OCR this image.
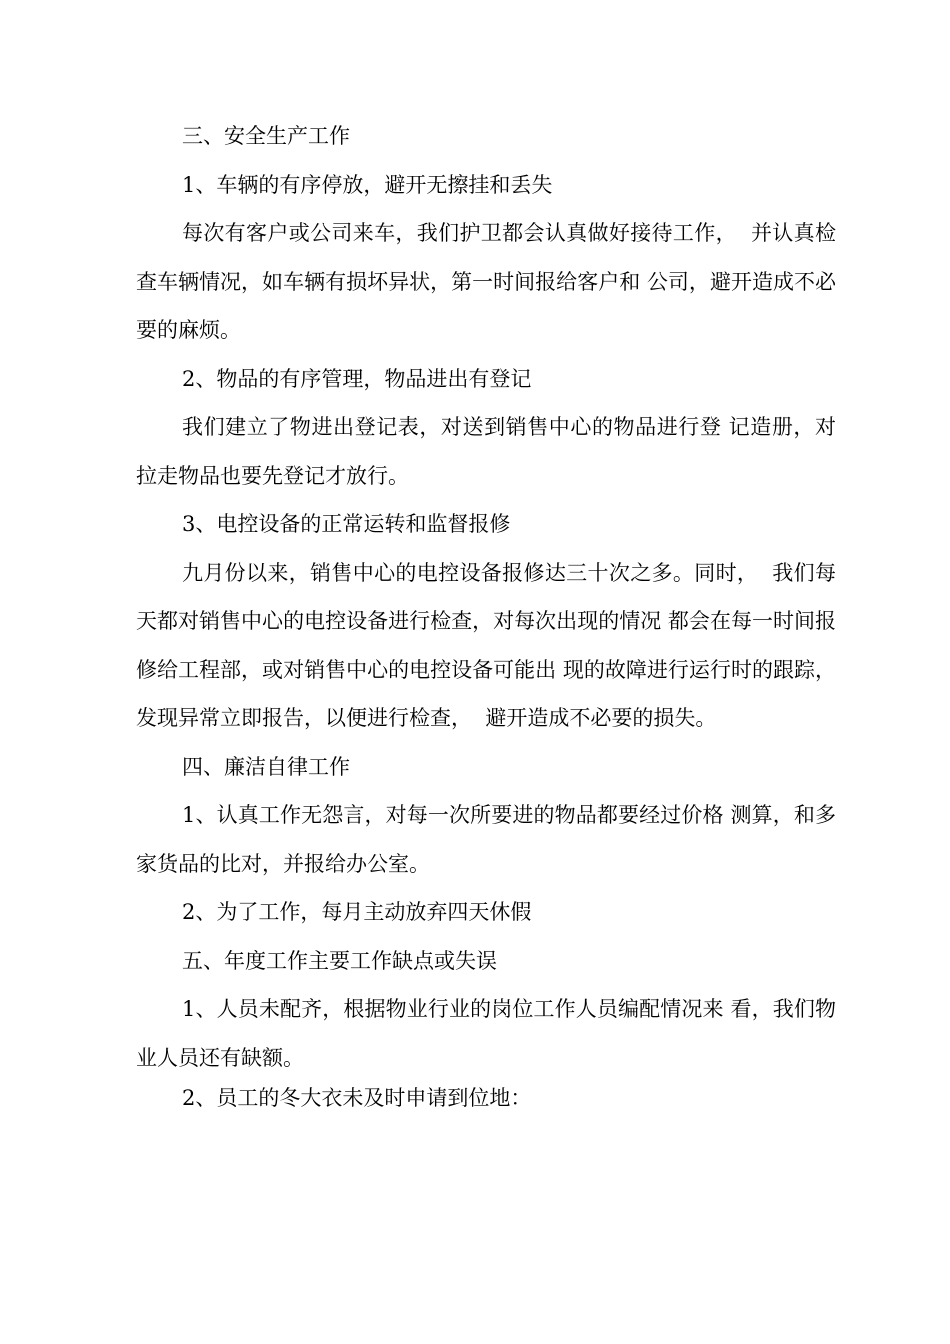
三、安全生产工作

1、车辆的有序停放，避开无擦挂和丢失

每次有客户或公司来车，我们护卫都会认真做好接待工作，  并认真检查车辆情况，如车辆有损坏异状，第一时间报给客户和 公司，避开造成不必要的麻烦。

2、物品的有序管理，物品进出有登记

我们建立了物进出登记表，对送到销售中心的物品进行登 记造册，对拉走物品也要先登记才放行。

3、电控设备的正常运转和监督报修

九月份以来，销售中心的电控设备报修达三十次之多。同时，  我们每天都对销售中心的电控设备进行检查，对每次出现的情况 都会在每一时间报修给工程部，或对销售中心的电控设备可能出 现的故障进行运行时的跟踪，发现异常立即报告，以便进行检查，  避开造成不必要的损失。

四、廉洁自律工作

1、认真工作无怨言，对每一次所要进的物品都要经过价格 测算，和多家货品的比对，并报给办公室。

2、为了工作，每月主动放弃四天休假

五、年度工作主要工作缺点或失误

1、人员未配齐，根据物业行业的岗位工作人员编配情况来 看，我们物业人员还有缺额。

2、员工的冬大衣未及时申请到位地：
